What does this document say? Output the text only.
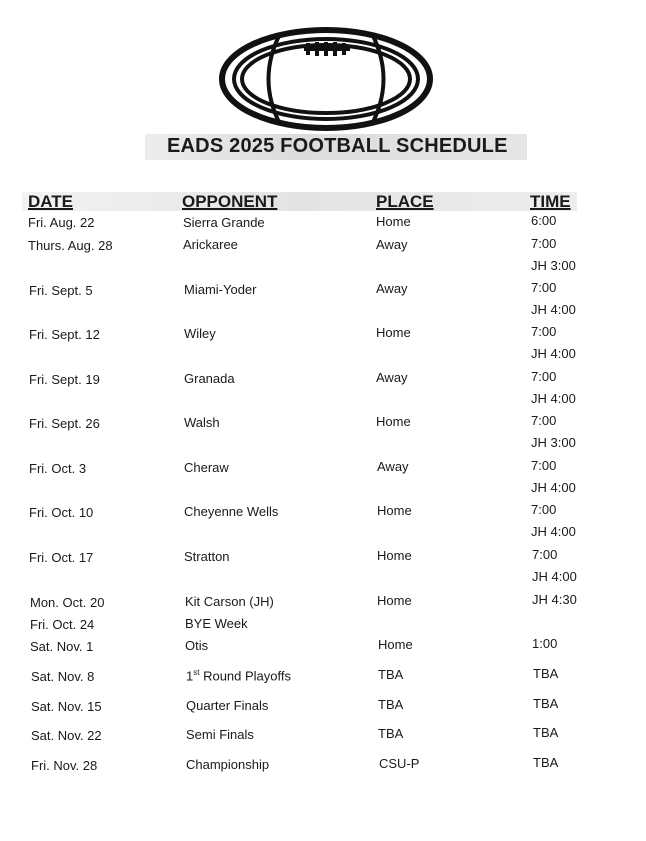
EADS 2025 FOOTBALL SCHEDULE
DATE	OPPONENT	PLACE	TIME
Fri. Aug. 22	Sierra Grande	Home	6:00
Thurs. Aug. 28	Arickaree	Away	7:00
JH 3:00
Fri. Sept. 5	Miami-Yoder	Away	7:00
JH 4:00
Fri. Sept. 12	Wiley	Home	7:00
JH 4:00
Fri. Sept. 19	Granada	Away	7:00
JH 4:00
Fri. Sept. 26	Walsh	Home	7:00
JH 3:00
Fri. Oct. 3	Cheraw	Away	7:00
JH 4:00
Fri. Oct. 10	Cheyenne Wells	Home	7:00
JH 4:00
Fri. Oct. 17	Stratton	Home	7:00
JH 4:00
Mon. Oct. 20	Kit Carson (JH)	Home	JH 4:30
Fri. Oct. 24	BYE Week
Sat. Nov. 1	Otis	Home	1:00
Sat. Nov. 8	1st Round Playoffs	TBA	TBA
Sat. Nov. 15	Quarter Finals	TBA	TBA
Sat. Nov. 22	Semi Finals	TBA	TBA
Fri. Nov. 28	Championship	CSU-P	TBA
